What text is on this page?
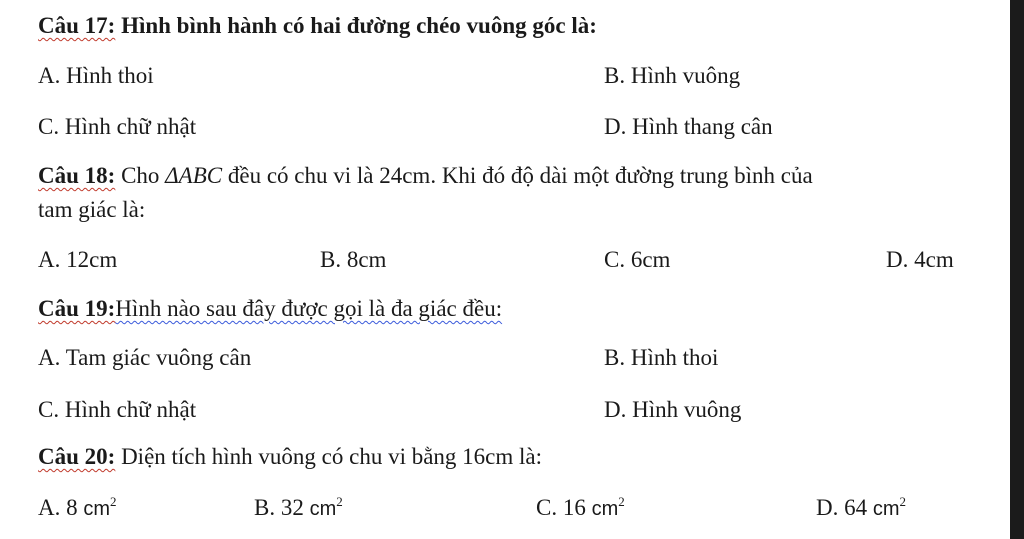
Câu 17: Hình bình hành có hai đường chéo vuông góc là:
A. Hình thoi	B. Hình vuông
C. Hình chữ nhật	D. Hình thang cân
Câu 18: Cho ΔABC đều có chu vi là 24cm. Khi đó độ dài một đường trung bình của
tam giác là:
A. 12cm	B. 8cm	C. 6cm	D. 4cm
Câu 19:Hình nào sau đây được gọi là đa giác đều:
A. Tam giác vuông cân	B. Hình thoi
C. Hình chữ nhật	D. Hình vuông
Câu 20: Diện tích hình vuông có chu vi bằng 16cm là:
A. 8 $cm^2$	B. 32 $cm^2$	C. 16 $cm^2$	D. 64 $cm^2$
